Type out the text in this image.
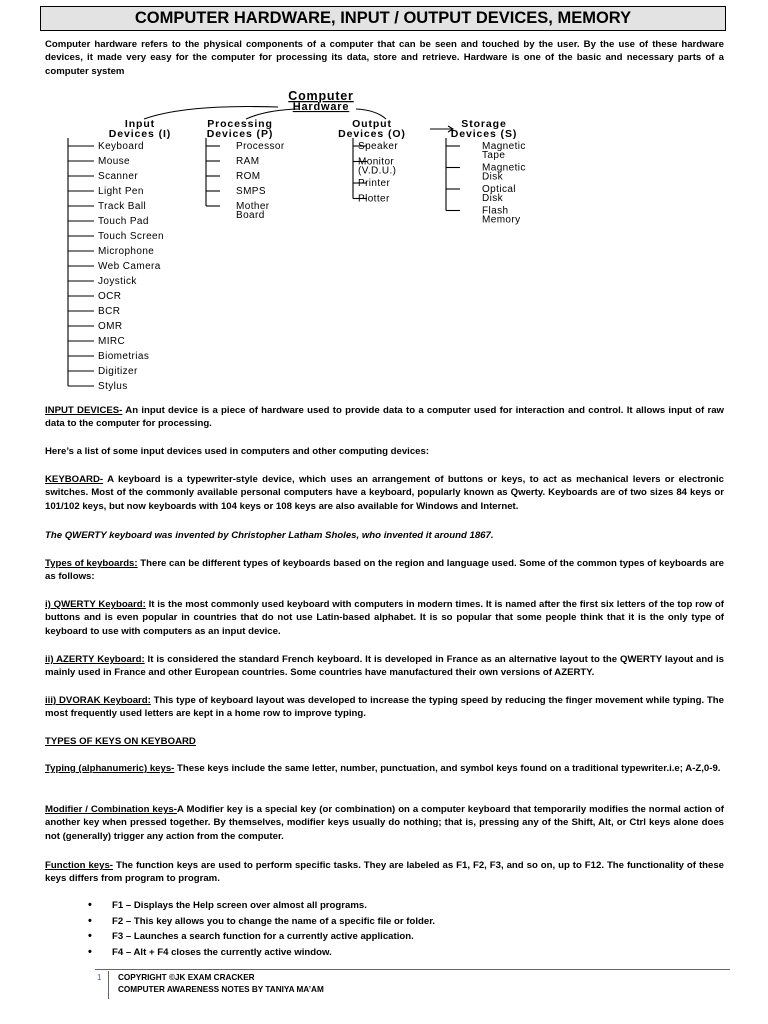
COMPUTER HARDWARE, INPUT / OUTPUT DEVICES, MEMORY

Computer hardware refers to the physical components of a computer that can be seen and touched by the user. By the use of these hardware devices, it made very easy for the computer for processing its data, store and retrieve. Hardware is one of the basic and necessary parts of a computer system

Computer
Hardware
Input
Devices (I)
Keyboard
Mouse
Scanner
Light Pen
Track Ball
Touch Pad
Touch Screen
Microphone
Web Camera
Joystick
OCR
BCR
OMR
MIRC
Biometrias
Digitizer
Stylus
Processing
Devices (P)
Processor
RAM
ROM
SMPS
Mother
Board
Output
Devices (O)
Speaker
Monitor
(V.D.U.)
Printer
Plotter
Storage
Devices (S)
Magnetic
Tape
Magnetic
Disk
Optical
Disk
Flash
Memory
INPUT DEVICES- An input device is a piece of hardware used to provide data to a computer used for interaction and control. It allows input of raw data to the computer for processing.
Here’s a list of some input devices used in computers and other computing devices:
KEYBOARD- A keyboard is a typewriter-style device, which uses an arrangement of buttons or keys, to act as mechanical levers or electronic switches. Most of the commonly available personal computers have a keyboard, popularly known as Qwerty. Keyboards are of two sizes 84 keys or 101/102 keys, but now keyboards with 104 keys or 108 keys are also available for Windows and Internet.
The QWERTY keyboard was invented by Christopher Latham Sholes, who invented it around 1867.
Types of keyboards: There can be different types of keyboards based on the region and language used. Some of the common types of keyboards are as follows:
i) QWERTY Keyboard: It is the most commonly used keyboard with computers in modern times. It is named after the first six letters of the top row of buttons and is even popular in countries that do not use Latin-based alphabet. It is so popular that some people think that it is the only type of keyboard to use with computers as an input device.
ii) AZERTY Keyboard: It is considered the standard French keyboard. It is developed in France as an alternative layout to the QWERTY layout and is mainly used in France and other European countries. Some countries have manufactured their own versions of AZERTY.
iii) DVORAK Keyboard: This type of keyboard layout was developed to increase the typing speed by reducing the finger movement while typing. The most frequently used letters are kept in a home row to improve typing.
TYPES OF KEYS ON KEYBOARD
Typing (alphanumeric) keys- These keys include the same letter, number, punctuation, and symbol keys found on a traditional typewriter.i.e; A-Z,0-9.
Modifier / Combination keys-A Modifier key is a special key (or combination) on a computer keyboard that temporarily modifies the normal action of another key when pressed together. By themselves, modifier keys usually do nothing; that is, pressing any of the Shift, Alt, or Ctrl keys alone does not (generally) trigger any action from the computer.
Function keys- The function keys are used to perform specific tasks. They are labeled as F1, F2, F3, and so on, up to F12. The functionality of these keys differs from program to program.
• F1 – Displays the Help screen over almost all programs.
• F2 – This key allows you to change the name of a specific file or folder.
• F3 – Launches a search function for a currently active application.
• F4 – Alt + F4 closes the currently active window.
1 COPYRIGHT ©JK EXAM CRACKER
COMPUTER AWARENESS NOTES BY TANIYA MA’AM
